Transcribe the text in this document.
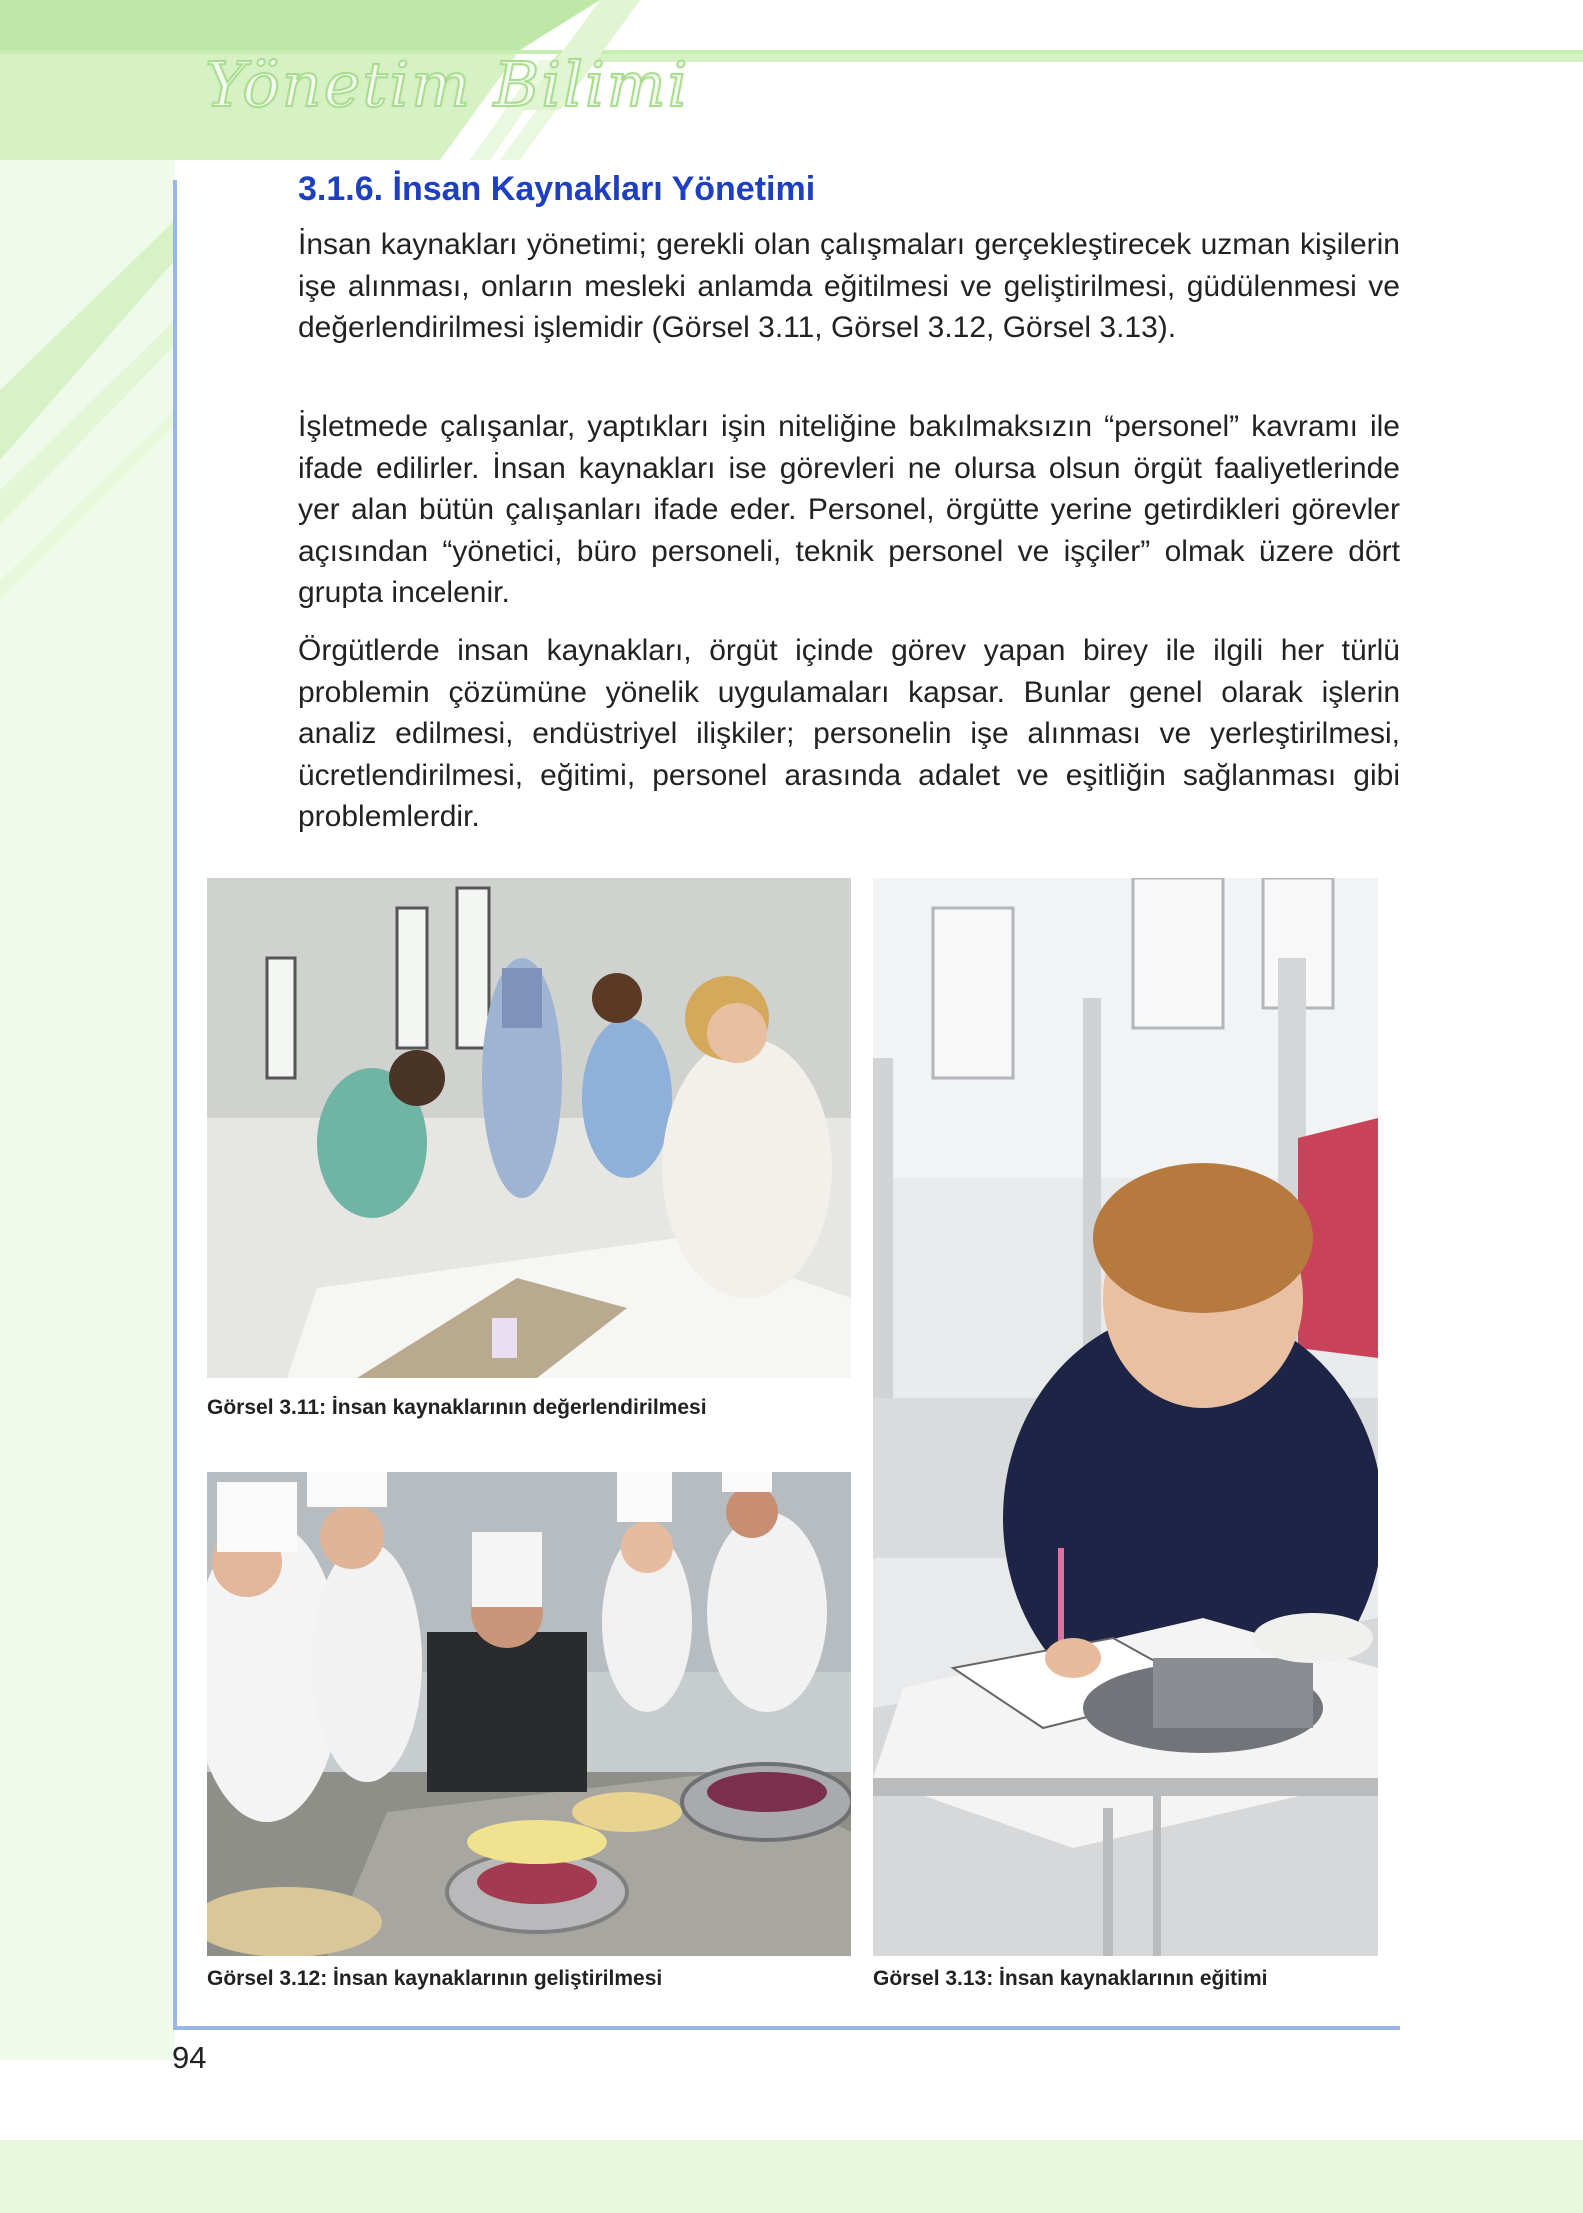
Yönetim Bilimi
3.1.6. İnsan Kaynakları Yönetimi

İnsan kaynakları yönetimi; gerekli olan çalışmaları gerçekleştirecek uzman kişilerin işe alınması, onların mesleki anlamda eğitilmesi ve geliştirilmesi, güdülenmesi ve değerlendirilmesi işlemidir (Görsel 3.11, Görsel 3.12, Görsel 3.13).

İşletmede çalışanlar, yaptıkları işin niteliğine bakılmaksızın “personel” kavramı ile ifade edilirler. İnsan kaynakları ise görevleri ne olursa olsun örgüt faaliyetlerinde yer alan bütün çalışanları ifade eder. Personel, örgütte yerine getirdikleri görevler açısından “yönetici, büro personeli, teknik personel ve işçiler” olmak üzere dört grupta incelenir.

Örgütlerde insan kaynakları, örgüt içinde görev yapan birey ile ilgili her türlü problemin çözümüne yönelik uygulamaları kapsar. Bunlar genel olarak işlerin analiz edilmesi, endüstriyel ilişkiler; personelin işe alınması ve yerleştirilmesi, ücretlendirilmesi, eğitimi, personel arasında adalet ve eşitliğin sağlanması gibi problemlerdir.

Görsel 3.11: İnsan kaynaklarının değerlendirilmesi
Görsel 3.12: İnsan kaynaklarının geliştirilmesi	Görsel 3.13: İnsan kaynaklarının eğitimi
94
